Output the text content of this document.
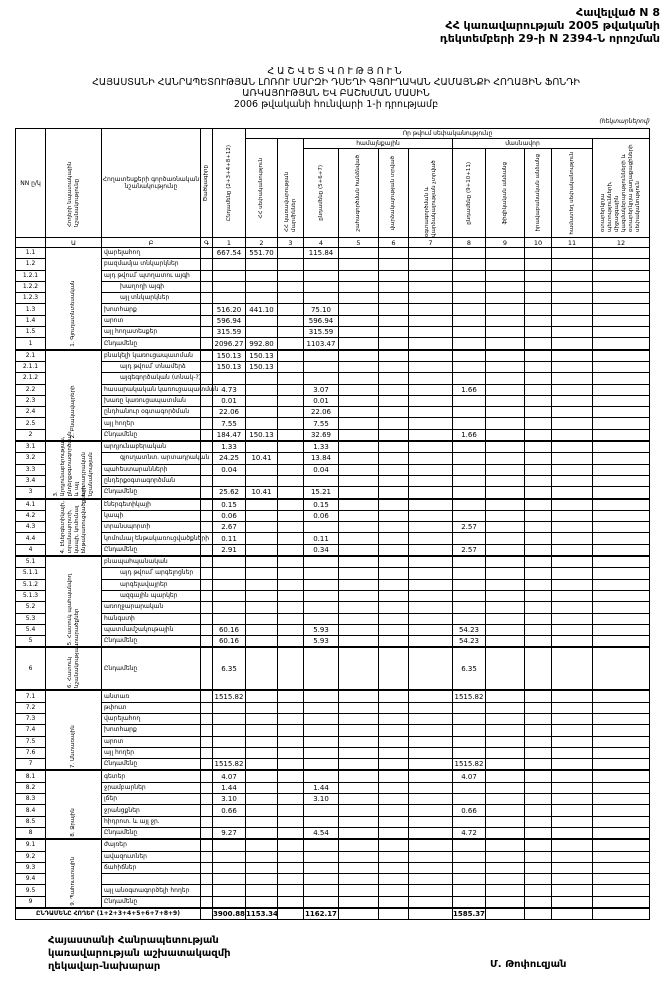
Հավելված N 8
ՀՀ կառավարության 2005 թվականի
դեկտեմբերի 29-ի N 2394-Ն որոշման
ՀԱՇՎԵՏՎՈՒԹՅՈՒՆ
ՀԱՅԱՍՏԱՆԻ ՀԱՆՐԱՊԵՏՈՒԹՅԱՆ ԼՈՌՈՒ ՄԱՐԶԻ ԴՍԵՂԻ ԳՅՈՒՂԱԿԱՆ ՀԱՄԱՅՆՔԻ ՀՈՂԱՅԻՆ ՖՈՆԴԻ
ԱՌԿԱՅՈՒԹՅԱՆ ԵՎ ԲԱՇԽՄԱՆ ՄԱՍԻՆ
2006 թվականի հունվարի 1-ի դրությամբ
(հեկտարներով)
NN ը/կ	Հողերի նպատակային նշանակությունը	Հողատեսքերի գործառնական նշանակությունը	Ծածկագիրը	Ընդամենը (2+3+4+8+12)	Որ թվում սեփականությունը										

					ՀՀ սեփականություն	ՀՀ կառավարության մարմիններ	համայնքային				մասնավոր				օտարերկրյա պետությունների, միջազգային կազմակերպությունների և օտարերկրյա քաղաքացիների սեփականություն

							ընդամենը (5+6+7)	շահագործման հանձնված	վարձակալության տրված	օգտագործման և վարձակալության չտրված	ընդամենը (9+10+11)	ֆիզիկական անձանց	իրավաբանական անձանց	համատեղ սեփականություն	

	Ա	Բ	Գ	1	2	3	4	5	6	7	8	9	10	11	12
1.1	1. Գյուղատնտեսական	վարելահող		667.54	551.70		115.84								
1.2		բազմամյա տնկարկներ													
1.2.1		այդ թվում՝ պտղատու այգի													
1.2.2		խաղողի այգի													
1.2.3		այլ տնկարկներ													
1.3		խոտհարք		516.20	441.10		75.10								
1.4		արոտ		596.94			596.94								
1.5		այլ հողատեսքեր		315.59			315.59								
1		Ընդամենը		2096.27	992.80		1103.47								
2.1	2. Բնակավայրերի	բնակելի կառուցապատման		150.13	150.13										
2.1.1		այդ թվում՝ տնամերձ		150.13	150.13										
2.1.2		այգեգործական (տնակ-?)													
2.2		հասարակական կառուցապատման		4.73			3.07				1.66				
2.3		խառը կառուցապատման		0.01			0.01								
2.4		ընդհանուր օգտագործման		22.06			22.06								
2.5		այլ հողեր		7.55			7.55								
2		Ընդամենը		184.47	150.13		32.69				1.66				
3.1	3. Արդյունաբերության, ընդերքօգտագործման և այլ արտադրական նշանակության	արդյունաբերական		1.33			1.33								
3.2		գյուղատնտ. արտադրական		24.25	10.41		13.84								
3.3		պահեստարանների		0.04			0.04								
3.4		ընդերքօգտագործման													
3		Ընդամենը		25.62	10.41		15.21								
4.1	4. Էներգետիկայի, տրանսպորտի, կապի, կոմունալ ենթակառուցվածքների	էներգետիկայի		0.15			0.15								
4.2		կապի		0.06			0.06								
4.3		տրանսպորտի		2.67							2.57				
4.4		կոմունալ ենթակառուցվածքների		0.11			0.11								
4		Ընդամենը		2.91			0.34				2.57				
5.1	5. Հատուկ պահպանվող տարածքներ	բնապահպանական													
5.1.1		այդ թվում՝ արգելոցներ													
5.1.2		արգելավայրեր													
5.1.3		ազգային պարկեր													
5.2		առողջարարական													
5.3		հանգստի													
5.4		պատմամշակութային		60.16			5.93				54.23				
5		Ընդամենը		60.16			5.93				54.23				
6	6. Հատուկ նշանակության	Ընդամենը		6.35							6.35				
7.1	7. Անտառային	անտառ		1515.82							1515.82				
7.2		թփուտ													
7.3		վարելահող													
7.4		խոտհարք													
7.5		արոտ													
7.6		այլ հողեր													
7		Ընդամենը		1515.82							1515.82				
8.1	8. Ջրային	գետեր		4.07							4.07				
8.2		ջրամբարներ		1.44			1.44								
8.3		լճեր		3.10			3.10								
8.4		ջրանցքներ		0.66							0.66				
8.5		հիդրոտ. և այլ ջր.													
8		Ընդամենը		9.27			4.54				4.72				
9.1	9. Պահուստային	ժայռեր													
9.2		ավազուտներ													
9.3		ճահիճներ													
9.4															
9.5		այլ անօգտագործելի հողեր													
9		Ընդամենը													
ԸՆԴԱՄԵՆԸ ՀՈՂԵՐ (1+2+3+4+5+6+7+8+9)				3900.88	1153.34		1162.17				1585.37				
Հայաստանի Հանրապետության
կառավարության աշխատակազմի
ղեկավար-նախարար	Մ. Թոփուզյան
